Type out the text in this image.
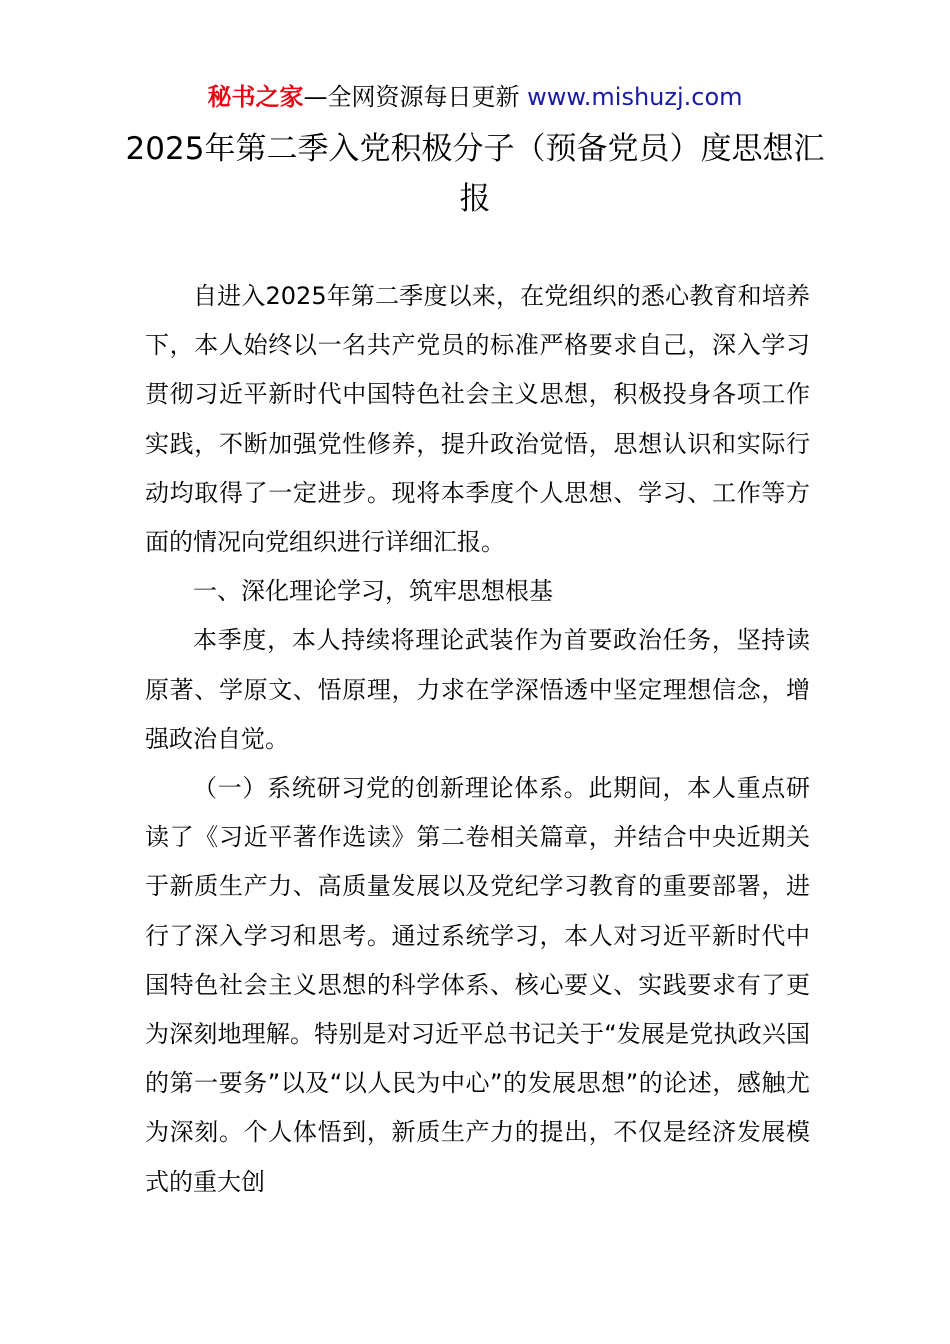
秘书之家—全网资源每日更新 www.mishuzj.com
2025年第二季入党积极分子（预备党员）度思想汇报

自进入2025年第二季度以来，在党组织的悉心教育和培养下，本人始终以一名共产党员的标准严格要求自己，深入学习贯彻习近平新时代中国特色社会主义思想，积极投身各项工作实践，不断加强党性修养，提升政治觉悟，思想认识和实际行动均取得了一定进步。现将本季度个人思想、学习、工作等方面的情况向党组织进行详细汇报。

一、深化理论学习，筑牢思想根基

本季度，本人持续将理论武装作为首要政治任务，坚持读原著、学原文、悟原理，力求在学深悟透中坚定理想信念，增强政治自觉。

（一）系统研习党的创新理论体系。此期间，本人重点研读了《习近平著作选读》第二卷相关篇章，并结合中央近期关于新质生产力、高质量发展以及党纪学习教育的重要部署，进行了深入学习和思考。通过系统学习，本人对习近平新时代中国特色社会主义思想的科学体系、核心要义、实践要求有了更为深刻地理解。特别是对习近平总书记关于“发展是党执政兴国的第一要务”以及“以人民为中心”的发展思想”的论述，感触尤为深刻。个人体悟到，新质生产力的提出，不仅是经济发展模式的重大创
